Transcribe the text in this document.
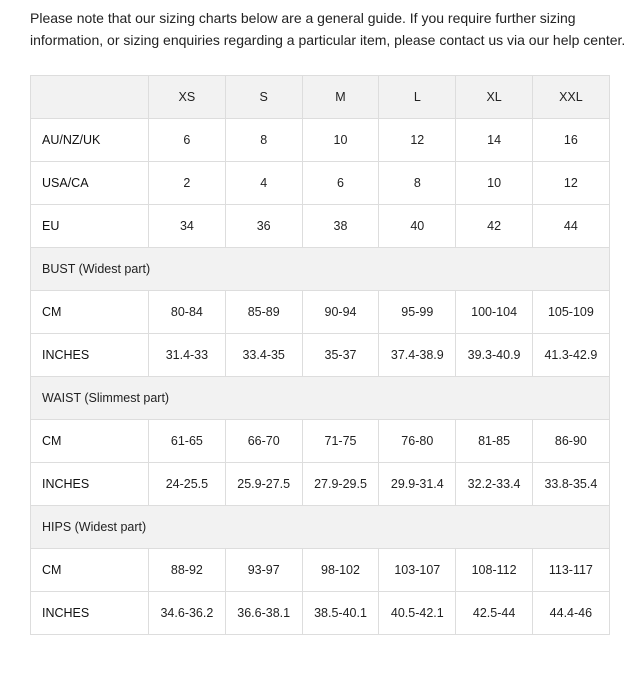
Please note that our sizing charts below are a general guide. If you require further sizing
information, or sizing enquiries regarding a particular item, please contact us via our help center.

	XS	S	M	L	XL	XXL
AU/NZ/UK	6	8	10	12	14	16
USA/CA	2	4	6	8	10	12
EU	34	36	38	40	42	44
BUST (Widest part)						
CM	80-84	85-89	90-94	95-99	100-104	105-109
INCHES	31.4-33	33.4-35	35-37	37.4-38.9	39.3-40.9	41.3-42.9
WAIST (Slimmest part)						
CM	61-65	66-70	71-75	76-80	81-85	86-90
INCHES	24-25.5	25.9-27.5	27.9-29.5	29.9-31.4	32.2-33.4	33.8-35.4
HIPS (Widest part)						
CM	88-92	93-97	98-102	103-107	108-112	113-117
INCHES	34.6-36.2	36.6-38.1	38.5-40.1	40.5-42.1	42.5-44	44.4-46
